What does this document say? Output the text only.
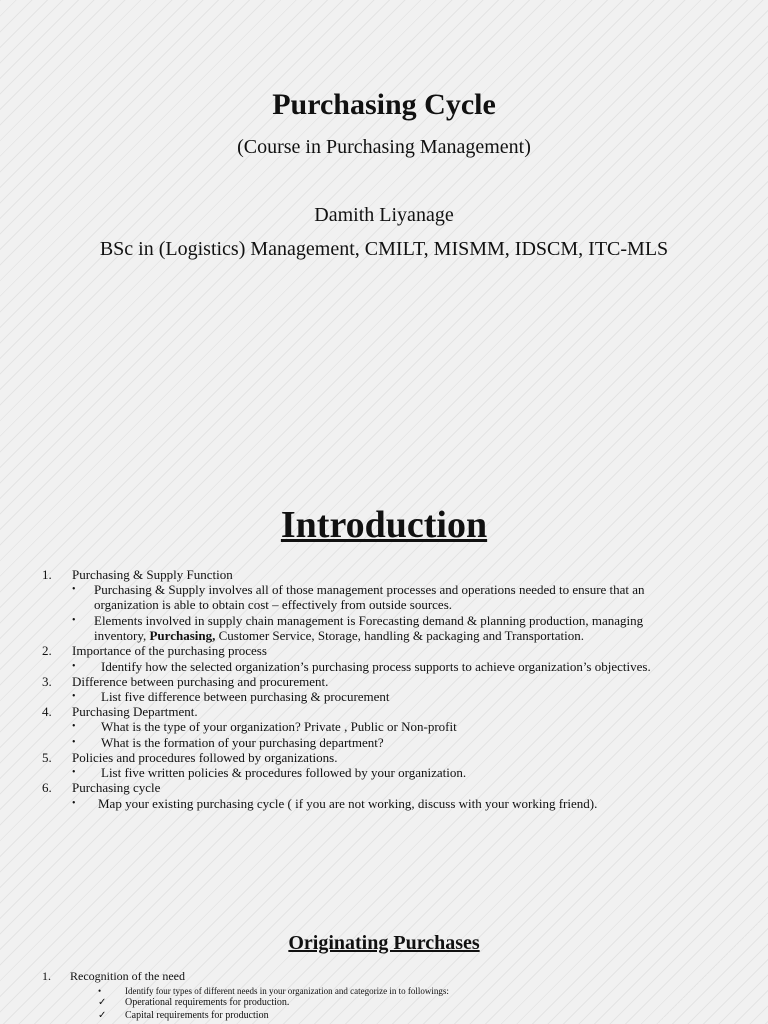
Purchasing Cycle
(Course in Purchasing Management)
Damith Liyanage
BSc in (Logistics) Management, CMILT, MISMM, IDSCM, ITC-MLS
Introduction
1. Purchasing & Supply Function
• Purchasing & Supply involves all of those management processes and operations needed to ensure that an
organization is able to obtain cost – effectively from outside sources.
• Elements involved in supply chain management is Forecasting demand & planning production, managing
inventory, Purchasing, Customer Service, Storage, handling & packaging and Transportation.
2. Importance of the purchasing process
• Identify how the selected organization’s purchasing process supports to achieve organization’s objectives.
3. Difference between purchasing and procurement.
• List five difference between purchasing & procurement
4. Purchasing Department.
• What is the type of your organization? Private , Public or Non-profit
• What is the formation of your purchasing department?
5. Policies and procedures followed by organizations.
• List five written policies & procedures followed by your organization.
6. Purchasing cycle
• Map your existing purchasing cycle ( if you are not working, discuss with your working friend).
Originating Purchases
1. Recognition of the need
•	Identify four types of different needs in your organization and categorize in to followings:
✓ Operational requirements for production.
✓ Capital requirements for production
